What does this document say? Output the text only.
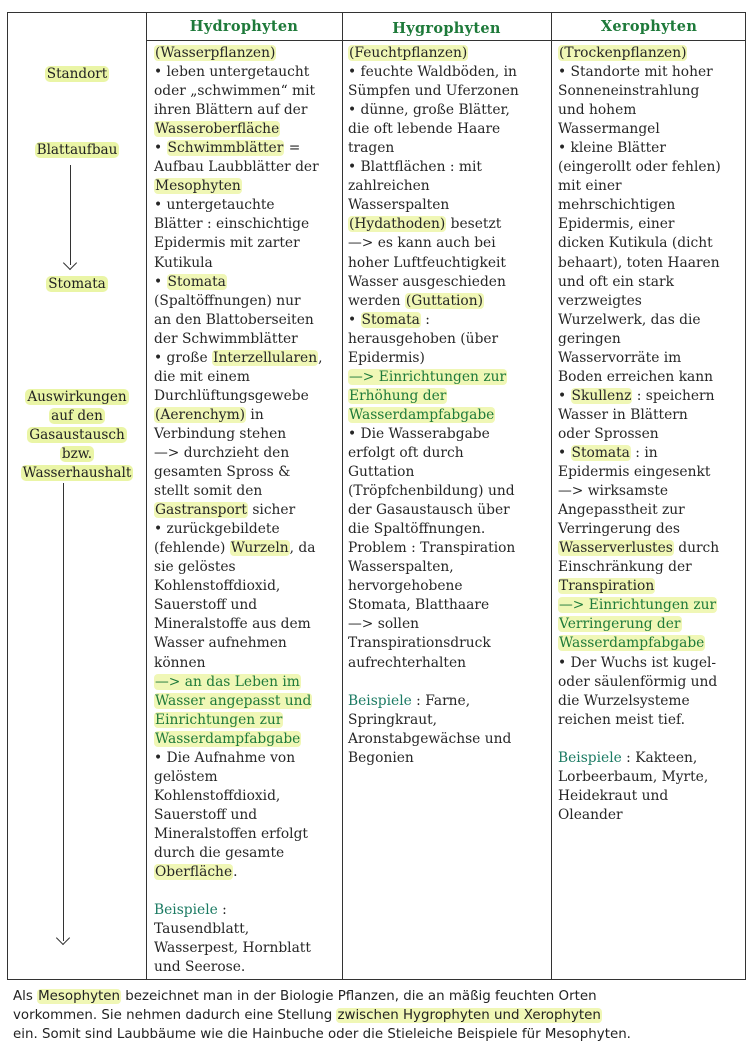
Hydrophyten	Hygrophyten	Xerophyten
Standort
Blattaufbau
Stomata
Auswirkungen
auf den
Gasaustausch
bzw.
Wasserhaushalt
(Wasserpflanzen)
• leben untergetaucht
oder „schwimmen“ mit
ihren Blättern auf der
Wasseroberfläche
• Schwimmblätter =
Aufbau Laubblätter der
Mesophyten
• untergetauchte
Blätter : einschichtige
Epidermis mit zarter
Kutikula
• Stomata
(Spaltöffnungen) nur
an den Blattoberseiten
der Schwimmblätter
• große Interzellularen,
die mit einem
Durchlüftungsgewebe
(Aerenchym) in
Verbindung stehen
—> durchzieht den
gesamten Spross &
stellt somit den
Gastransport sicher
• zurückgebildete
(fehlende) Wurzeln, da
sie gelöstes
Kohlenstoffdioxid,
Sauerstoff und
Mineralstoffe aus dem
Wasser aufnehmen
können
—> an das Leben im
Wasser angepasst und
Einrichtungen zur
Wasserdampfabgabe
• Die Aufnahme von
gelöstem
Kohlenstoffdioxid,
Sauerstoff und
Mineralstoffen erfolgt
durch die gesamte
Oberfläche.
Beispiele :
Tausendblatt,
Wasserpest, Hornblatt
und Seerose.
(Feuchtpflanzen)
• feuchte Waldböden, in
Sümpfen und Uferzonen
• dünne, große Blätter,
die oft lebende Haare
tragen
• Blattflächen : mit
zahlreichen
Wasserspalten
(Hydathoden) besetzt
—> es kann auch bei
hoher Luftfeuchtigkeit
Wasser ausgeschieden
werden (Guttation)
• Stomata :
herausgehoben (über
Epidermis)
—> Einrichtungen zur
Erhöhung der
Wasserdampfabgabe
• Die Wasserabgabe
erfolgt oft durch
Guttation
(Tröpfchenbildung) und
der Gasaustausch über
die Spaltöffnungen.
Problem : Transpiration
Wasserspalten,
hervorgehobene
Stomata, Blatthaare
—> sollen
Transpirationsdruck
aufrechterhalten
Beispiele : Farne,
Springkraut,
Aronstabgewächse und
Begonien
(Trockenpflanzen)
• Standorte mit hoher
Sonneneinstrahlung
und hohem
Wassermangel
• kleine Blätter
(eingerollt oder fehlen)
mit einer
mehrschichtigen
Epidermis, einer
dicken Kutikula (dicht
behaart), toten Haaren
und oft ein stark
verzweigtes
Wurzelwerk, das die
geringen
Wasservorräte im
Boden erreichen kann
• Skullenz : speichern
Wasser in Blättern
oder Sprossen
• Stomata : in
Epidermis eingesenkt
—> wirksamste
Angepasstheit zur
Verringerung des
Wasserverlustes durch
Einschränkung der
Transpiration
—> Einrichtungen zur
Verringerung der
Wasserdampfabgabe
• Der Wuchs ist kugel-
oder säulenförmig und
die Wurzelsysteme
reichen meist tief.
Beispiele : Kakteen,
Lorbeerbaum, Myrte,
Heidekraut und
Oleander
Als Mesophyten bezeichnet man in der Biologie Pflanzen, die an mäßig feuchten Orten
vorkommen. Sie nehmen dadurch eine Stellung zwischen Hygrophyten und Xerophyten
ein. Somit sind Laubbäume wie die Hainbuche oder die Stieleiche Beispiele für Mesophyten.
